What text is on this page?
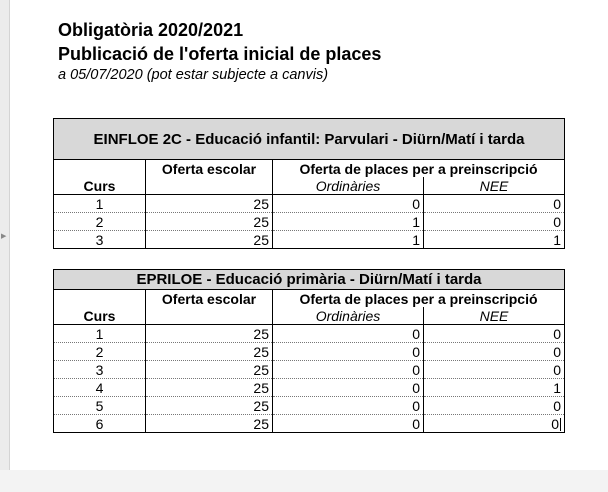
▶
Obligatòria 2020/2021
Publicació de l'oferta inicial de places
a 05/07/2020 (pot estar subjecte a canvis)
EINFLOE 2C - Educació infantil: Parvulari - Diürn/Matí i tarda			
	Oferta escolar	Oferta de places per a preinscripció	
Curs		Ordinàries	NEE
1	25	0	0
2	25	1	0
3	25	1	1
EPRILOE - Educació primària - Diürn/Matí i tarda			
	Oferta escolar	Oferta de places per a preinscripció	
Curs		Ordinàries	NEE
1	25	0	0
2	25	0	0
3	25	0	0
4	25	0	1
5	25	0	0
6	25	0	0
